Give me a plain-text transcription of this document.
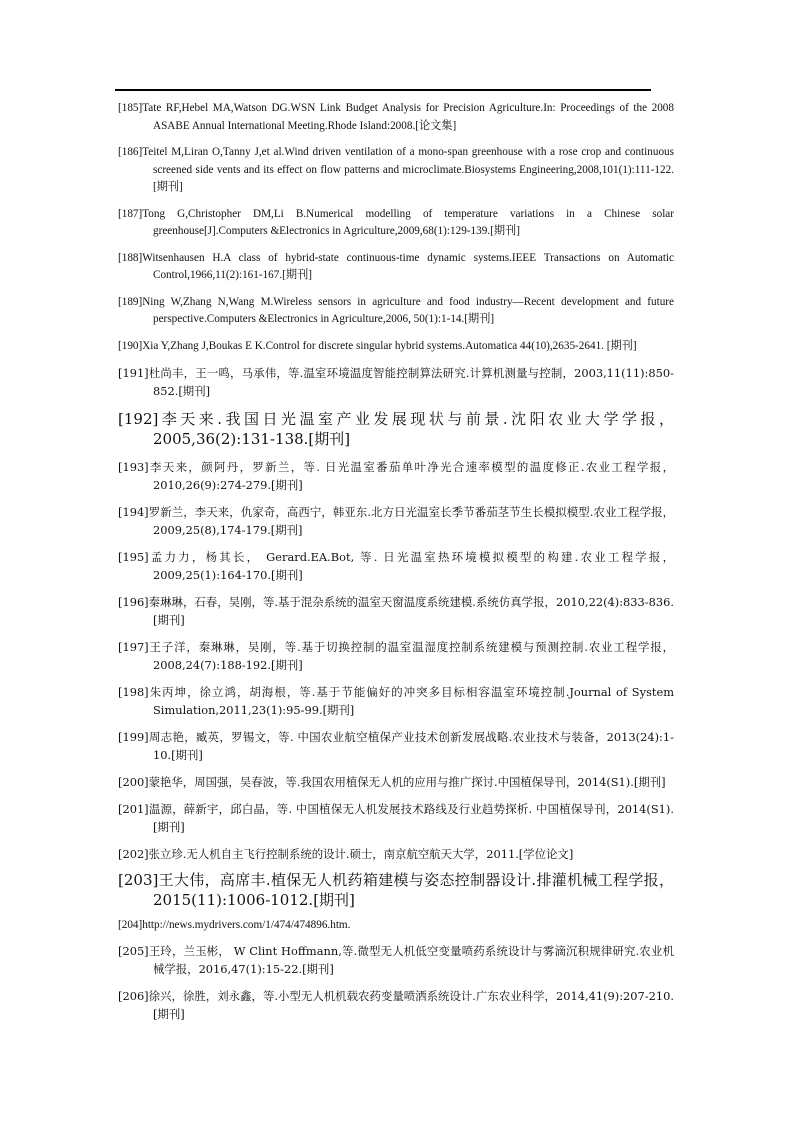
[185]Tate RF,Hebel MA,Watson DG.WSN Link Budget Analysis for Precision Agriculture.In: Proceedings of the 2008 ASABE Annual International Meeting.Rhode Island:2008.[论文集]
[186]Teitel M,Liran O,Tanny J,et al.Wind driven ventilation of a mono-span greenhouse with a rose crop and continuous screened side vents and its effect on flow patterns and microclimate.Biosystems Engineering,2008,101(1):111-122.[期刊]
[187]Tong G,Christopher DM,Li B.Numerical modelling of temperature variations in a Chinese solar greenhouse[J].Computers &Electronics in Agriculture,2009,68(1):129-139.[期刊]
[188]Witsenhausen H.A class of hybrid-state continuous-time dynamic systems.IEEE Transactions on Automatic Control,1966,11(2):161-167.[期刊]
[189]Ning W,Zhang N,Wang M.Wireless sensors in agriculture and food industry—Recent development and future perspective.Computers &Electronics in Agriculture,2006, 50(1):1-14.[期刊]
[190]Xia Y,Zhang J,Boukas E K.Control for discrete singular hybrid systems.Automatica 44(10),2635-2641. [期刊]
[191]杜尚丰，王一鸣，马承伟，等.温室环境温度智能控制算法研究.计算机测量与控制，2003,11(11):850-852.[期刊]
[192]李天来.我国日光温室产业发展现状与前景.沈阳农业大学学报，2005,36(2):131-138.[期刊]
[193]李天来，颜阿丹，罗新兰，等. 日光温室番茄单叶净光合速率模型的温度修正.农业工程学报，2010,26(9):274-279.[期刊]
[194]罗新兰，李天来，仇家奇，高西宁，韩亚东.北方日光温室长季节番茄茎节生长模拟模型.农业工程学报，2009,25(8),174-179.[期刊]
[195]孟力力，杨其长， Gerard.EA.Bot, 等. 日光温室热环境模拟模型的构建.农业工程学报，2009,25(1):164-170.[期刊]
[196]秦琳琳，石春，吴刚，等.基于混杂系统的温室天窗温度系统建模.系统仿真学报，2010,22(4):833-836.[期刊]
[197]王子洋，秦琳琳，吴刚，等.基于切换控制的温室温湿度控制系统建模与预测控制.农业工程学报，2008,24(7):188-192.[期刊]
[198]朱丙坤，徐立鸿，胡海根，等.基于节能偏好的冲突多目标相容温室环境控制.Journal of System Simulation,2011,23(1):95-99.[期刊]
[199]周志艳，臧英，罗锡文，等. 中国农业航空植保产业技术创新发展战略.农业技术与装备，2013(24):1-10.[期刊]
[200]蒙艳华，周国强，吴春波，等.我国农用植保无人机的应用与推广探讨.中国植保导刊，2014(S1).[期刊]
[201]温源，薛新宇，邱白晶，等. 中国植保无人机发展技术路线及行业趋势探析. 中国植保导刊，2014(S1).[期刊]
[202]张立珍.无人机自主飞行控制系统的设计.硕士，南京航空航天大学，2011.[学位论文]
[203]王大伟，高席丰.植保无人机药箱建模与姿态控制器设计.排灌机械工程学报，2015(11):1006-1012.[期刊]
[204]http://news.mydrivers.com/1/474/474896.htm.
[205]王玲，兰玉彬， W Clint Hoffmann,等.微型无人机低空变量喷药系统设计与雾滴沉积规律研究.农业机械学报，2016,47(1):15-22.[期刊]
[206]徐兴，徐胜，刘永鑫，等.小型无人机机载农药变量喷洒系统设计.广东农业科学，2014,41(9):207-210.[期刊]
